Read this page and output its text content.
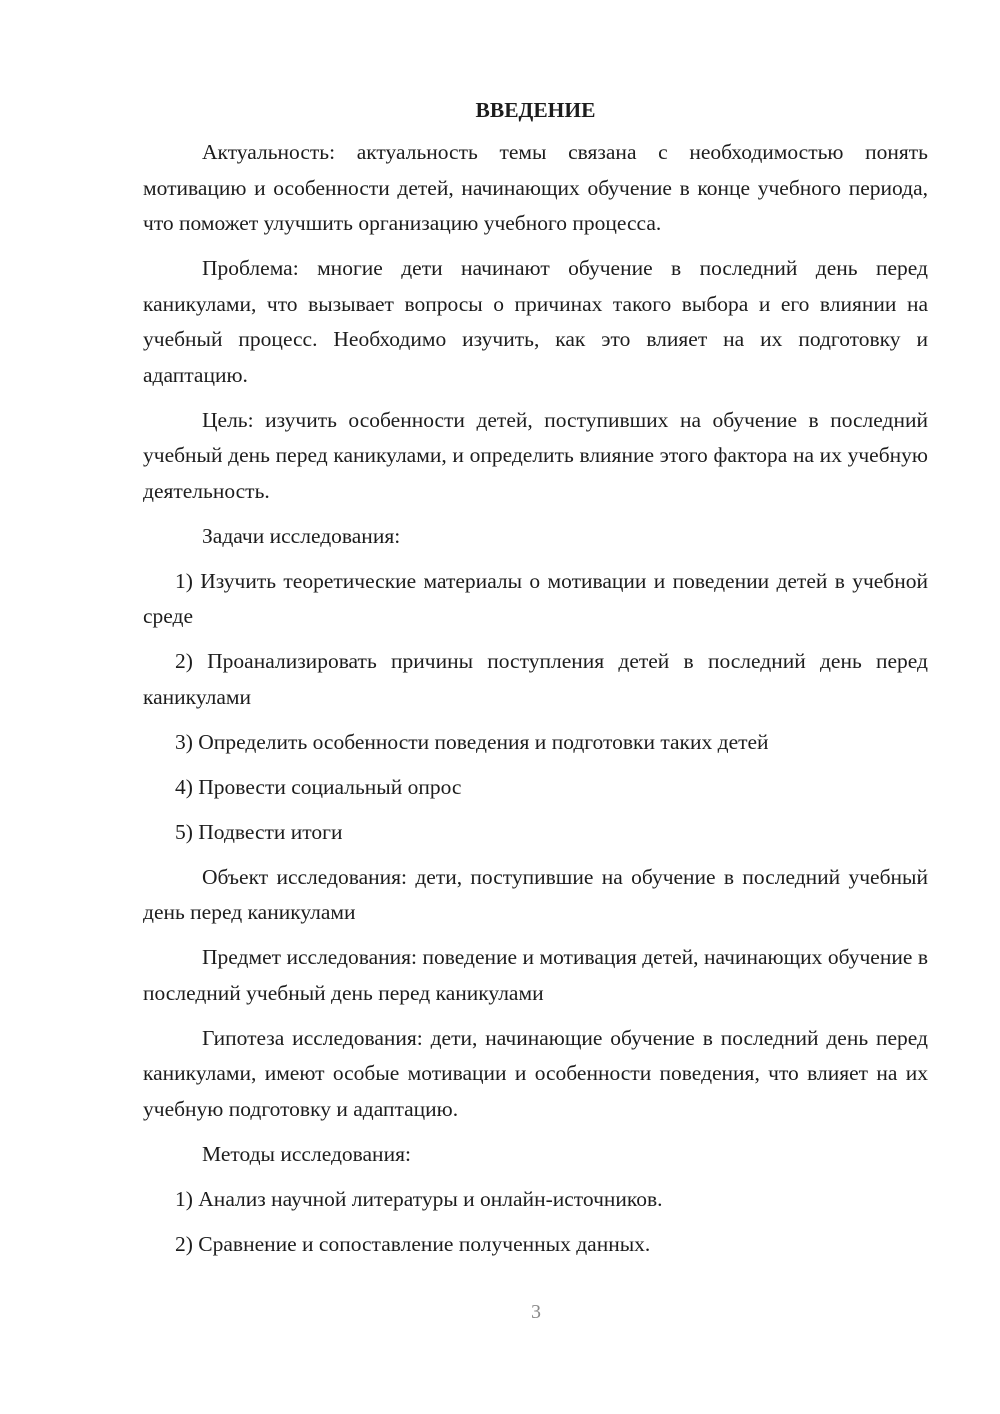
ВВЕДЕНИЕ

Актуальность: актуальность темы связана с необходимостью понять мотивацию и особенности детей, начинающих обучение в конце учебного периода, что поможет улучшить организацию учебного процесса.

Проблема: многие дети начинают обучение в последний день перед каникулами, что вызывает вопросы о причинах такого выбора и его влиянии на учебный процесс. Необходимо изучить, как это влияет на их подготовку и адаптацию.

Цель: изучить особенности детей, поступивших на обучение в последний учебный день перед каникулами, и определить влияние этого фактора на их учебную деятельность.

Задачи исследования:

1) Изучить теоретические материалы о мотивации и поведении детей в учебной среде

2) Проанализировать причины поступления детей в последний день перед каникулами

3) Определить особенности поведения и подготовки таких детей

4) Провести социальный опрос

5) Подвести итоги

Объект исследования: дети, поступившие на обучение в последний учебный день перед каникулами

Предмет исследования: поведение и мотивация детей, начинающих обучение в последний учебный день перед каникулами

Гипотеза исследования: дети, начинающие обучение в последний день перед каникулами, имеют особые мотивации и особенности поведения, что влияет на их учебную подготовку и адаптацию.

Методы исследования:

1) Анализ научной литературы и онлайн-источников.

2) Сравнение и сопоставление полученных данных.

3
